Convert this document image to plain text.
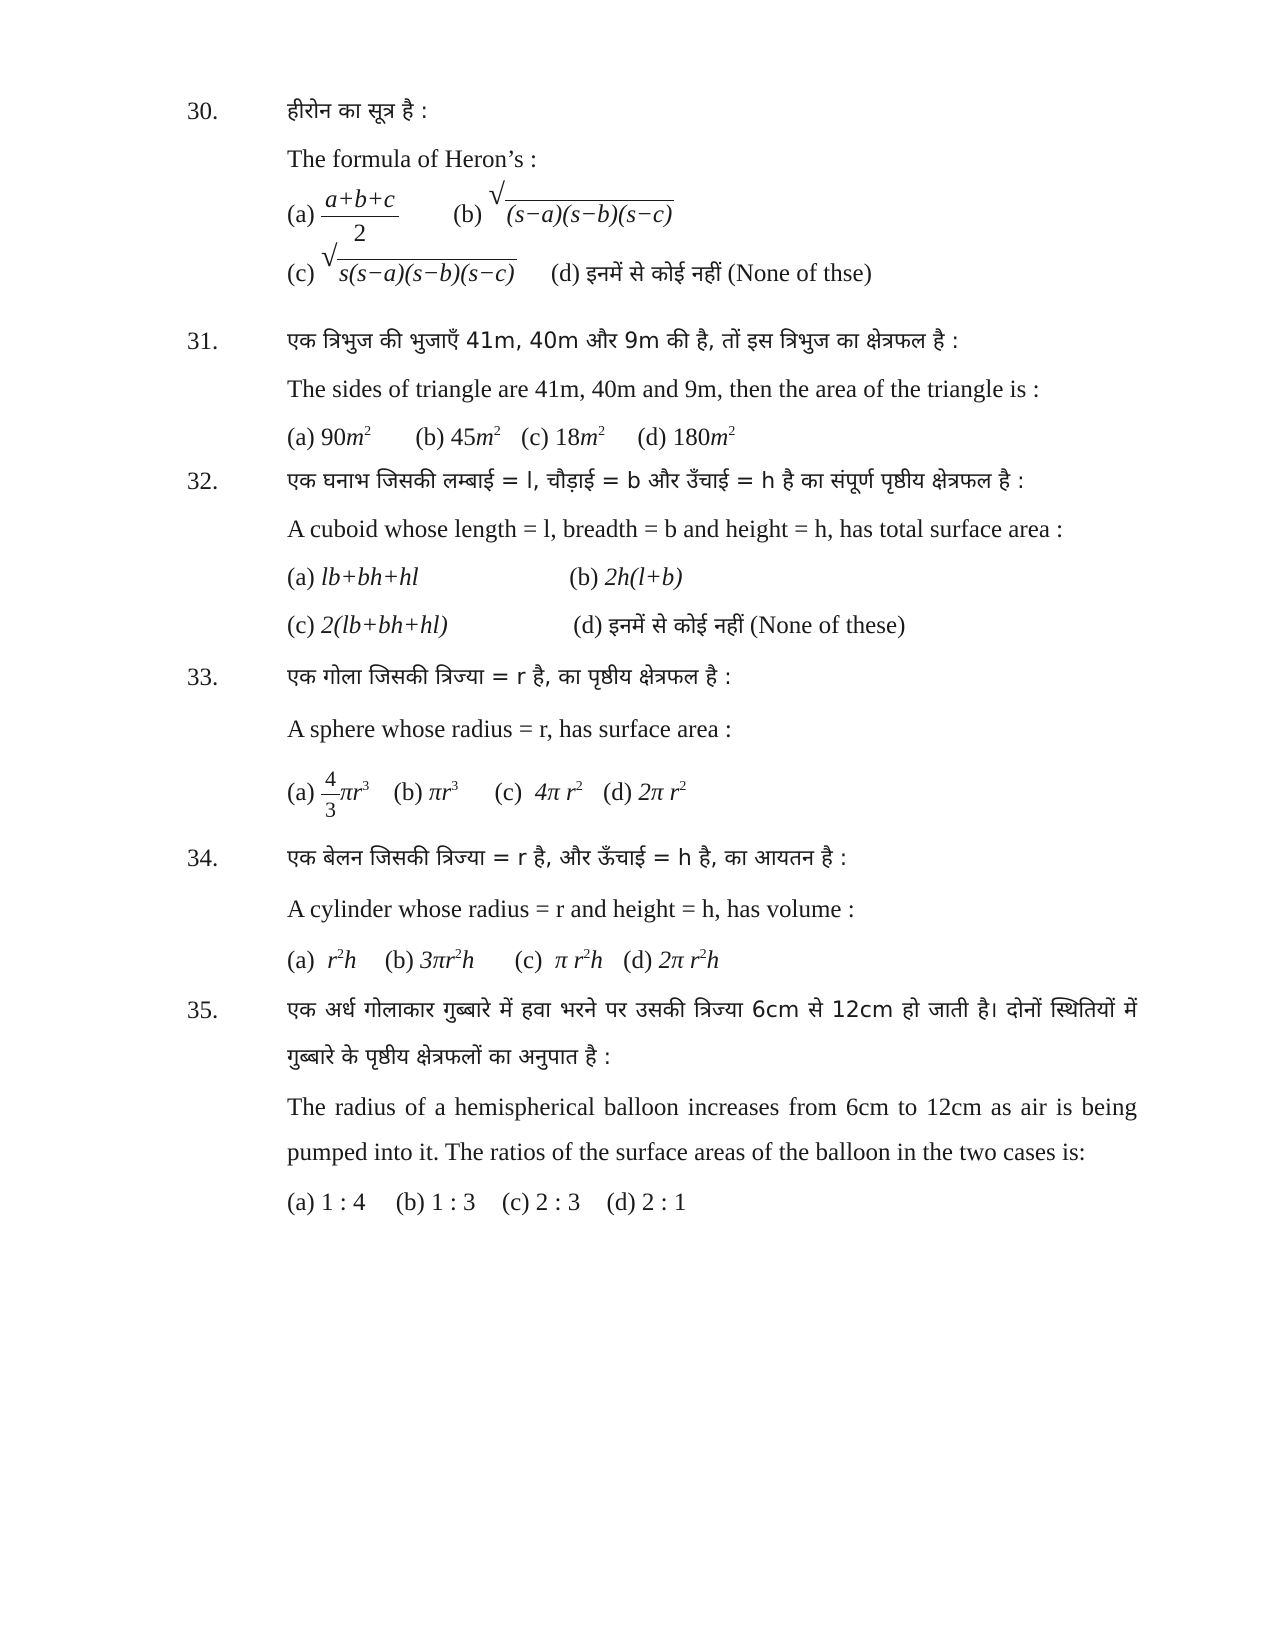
30.	हीरोन का सूत्र है :
The formula of Heron’s :
$(a) \frac{a+b+c}{2} (b)$
√
(s−a)(s−b)(s−c)
(c)
√
s(s−a)(s−b)(s−c) (d) इनमें से कोई नहीं (None of thse)
31.	एक त्रिभुज की भुजाएँ 41m, 40m और 9m की है, तों इस त्रिभुज का क्षेत्रफल है :
The sides of triangle are 41m, 40m and 9m, then the area of the triangle is :
(a) $90m^2$ (b) $45m^2$ (c) $18m^2$ (d) $180m^2$
32.	एक घनाभ जिसकी लम्बाई = l, चौड़ाई = b और उँचाई = h है का संपूर्ण पृष्ठीय क्षेत्रफल है :
A cuboid whose length = l, breadth = b and height = h, has total surface area :
(a) lb+bh+hl	(b) 2h(l+b)
(c) 2(lb+bh+hl)	(d) इनमें से कोई नहीं (None of these)
33.	एक गोला जिसकी त्रिज्या = r है, का पृष्ठीय क्षेत्रफल है :
A sphere whose radius = r, has surface area :
$(a) \frac{4}{3} \pi r^3$ (b) $\pi r^3$ (c) 4π $r^2$ (d) 2π $r^2$
34.	एक बेलन जिसकी त्रिज्या = r है, और ऊँचाई = h है, का आयतन है :
A cylinder whose radius = r and height = h, has volume :
(a) $r^2h$ (b) $3\pi r^2h$ (c) π $r^2h$ (d) 2π $r^2h$
35.	एक अर्ध गोलाकार गुब्बारे में हवा भरने पर उसकी त्रिज्या 6cm से 12cm हो जाती है। दोनों स्थितियों में गुब्बारे के पृष्ठीय क्षेत्रफलों का अनुपात है :
The radius of a hemispherical balloon increases from 6cm to 12cm as air is being pumped into it. The ratios of the surface areas of the balloon in the two cases is:
(a) 1 : 4 (b) 1 : 3 (c) 2 : 3 (d) 2 : 1
